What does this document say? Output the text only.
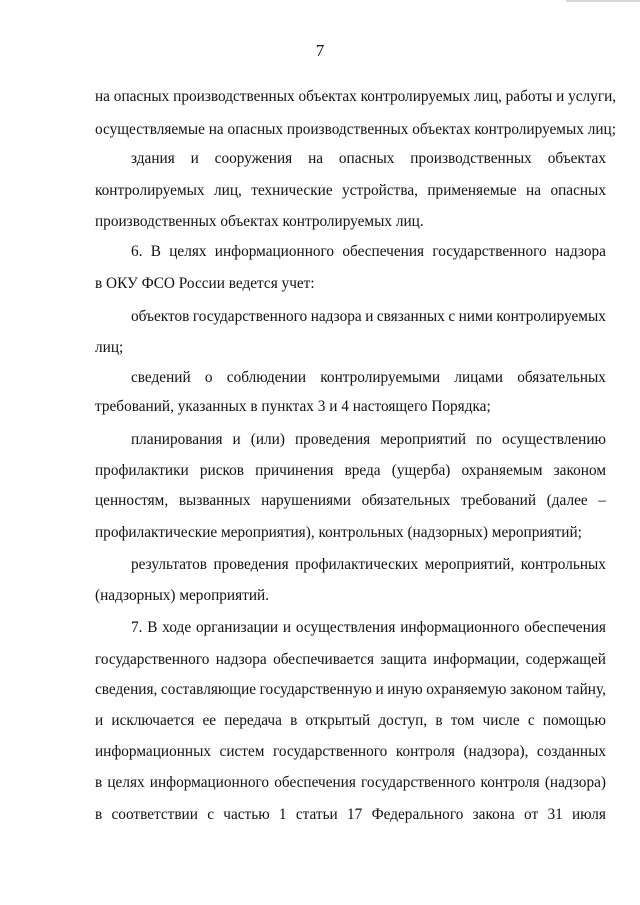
7
на опасных производственных объектах контролируемых лиц, работы и услуги,
осуществляемые на опасных производственных объектах контролируемых лиц;
здания и сооружения на опасных производственных объектах
контролируемых лиц, технические устройства, применяемые на опасных
производственных объектах контролируемых лиц.
6. В целях информационного обеспечения государственного надзора
в ОКУ ФСО России ведется учет:
объектов государственного надзора и связанных с ними контролируемых
лиц;
сведений о соблюдении контролируемыми лицами обязательных
требований, указанных в пунктах 3 и 4 настоящего Порядка;
планирования и (или) проведения мероприятий по осуществлению
профилактики рисков причинения вреда (ущерба) охраняемым законом
ценностям, вызванных нарушениями обязательных требований (далее –
профилактические мероприятия), контрольных (надзорных) мероприятий;
результатов проведения профилактических мероприятий, контрольных
(надзорных) мероприятий.
7. В ходе организации и осуществления информационного обеспечения
государственного надзора обеспечивается защита информации, содержащей
сведения, составляющие государственную и иную охраняемую законом тайну,
и исключается ее передача в открытый доступ, в том числе с помощью
информационных систем государственного контроля (надзора), созданных
в целях информационного обеспечения государственного контроля (надзора)
в соответствии с частью 1 статьи 17 Федерального закона от 31 июля
